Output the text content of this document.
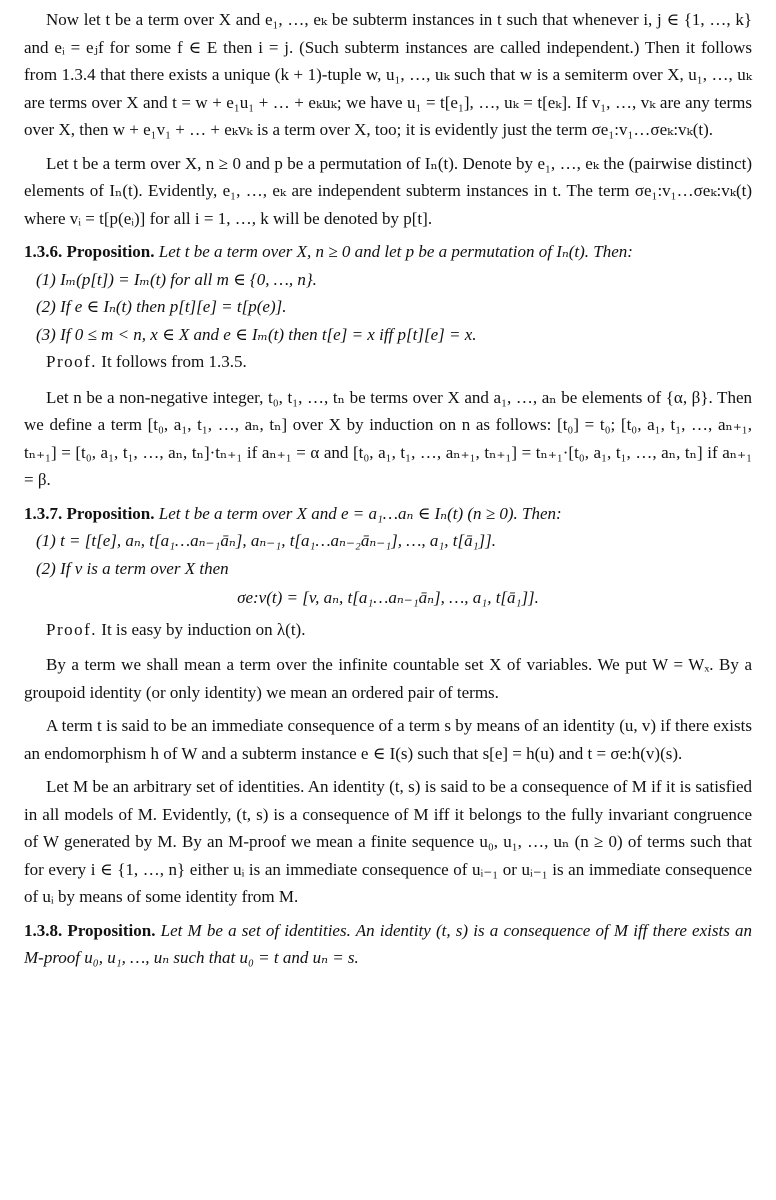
Now let t be a term over X and e₁, …, eₖ be subterm instances in t such that whenever i, j ∈ {1, …, k} and eᵢ = eⱼf for some f ∈ E then i = j. (Such subterm instances are called independent.) Then it follows from 1.3.4 that there exists a unique (k + 1)-tuple w, u₁, …, uₖ such that w is a semiterm over X, u₁, …, uₖ are terms over X and t = w + e₁u₁ + … + eₖuₖ; we have u₁ = t[e₁], …, uₖ = t[eₖ]. If v₁, …, vₖ are any terms over X, then w + e₁v₁ + … + eₖvₖ is a term over X, too; it is evidently just the term σe₁:v₁…σeₖ:vₖ(t).

Let t be a term over X, n ≥ 0 and p be a permutation of Iₙ(t). Denote by e₁, …, eₖ the (pairwise distinct) elements of Iₙ(t). Evidently, e₁, …, eₖ are independent subterm instances in t. The term σe₁:v₁…σeₖ:vₖ(t) where vᵢ = t[p(eᵢ)] for all i = 1, …, k will be denoted by p[t].

1.3.6. Proposition. Let t be a term over X, n ≥ 0 and let p be a permutation of Iₙ(t). Then:
(1) Iₘ(p[t]) = Iₘ(t) for all m ∈ {0, …, n}.
(2) If e ∈ Iₙ(t) then p[t][e] = t[p(e)].
(3) If 0 ≤ m < n, x ∈ X and e ∈ Iₘ(t) then t[e] = x iff p[t][e] = x.
Proof. It follows from 1.3.5.

Let n be a non-negative integer, t₀, t₁, …, tₙ be terms over X and a₁, …, aₙ be elements of {α, β}. Then we define a term [t₀, a₁, t₁, …, aₙ, tₙ] over X by induction on n as follows: [t₀] = t₀; [t₀, a₁, t₁, …, aₙ₊₁, tₙ₊₁] = [t₀, a₁, t₁, …, aₙ, tₙ]·tₙ₊₁ if aₙ₊₁ = α and [t₀, a₁, t₁, …, aₙ₊₁, tₙ₊₁] = tₙ₊₁·[t₀, a₁, t₁, …, aₙ, tₙ] if aₙ₊₁ = β.

1.3.7. Proposition. Let t be a term over X and e = a₁…aₙ ∈ Iₙ(t) (n ≥ 0). Then:
(1) t = [t[e], aₙ, t[a₁…aₙ₋₁āₙ], aₙ₋₁, t[a₁…aₙ₋₂āₙ₋₁], …, a₁, t[ā₁]].
(2) If v is a term over X then
σe:v(t) = [v, aₙ, t[a₁…aₙ₋₁āₙ], …, a₁, t[ā₁]].
Proof. It is easy by induction on λ(t).

By a term we shall mean a term over the infinite countable set X of variables. We put W = Wₓ. By a groupoid identity (or only identity) we mean an ordered pair of terms.

A term t is said to be an immediate consequence of a term s by means of an identity (u, v) if there exists an endomorphism h of W and a subterm instance e ∈ I(s) such that s[e] = h(u) and t = σe:h(v)(s).

Let M be an arbitrary set of identities. An identity (t, s) is said to be a consequence of M if it is satisfied in all models of M. Evidently, (t, s) is a consequence of M iff it belongs to the fully invariant congruence of W generated by M. By an M-proof we mean a finite sequence u₀, u₁, …, uₙ (n ≥ 0) of terms such that for every i ∈ {1, …, n} either uᵢ is an immediate consequence of uᵢ₋₁ or uᵢ₋₁ is an immediate consequence of uᵢ by means of some identity from M.

1.3.8. Proposition. Let M be a set of identities. An identity (t, s) is a consequence of M iff there exists an M-proof u₀, u₁, …, uₙ such that u₀ = t and uₙ = s.
